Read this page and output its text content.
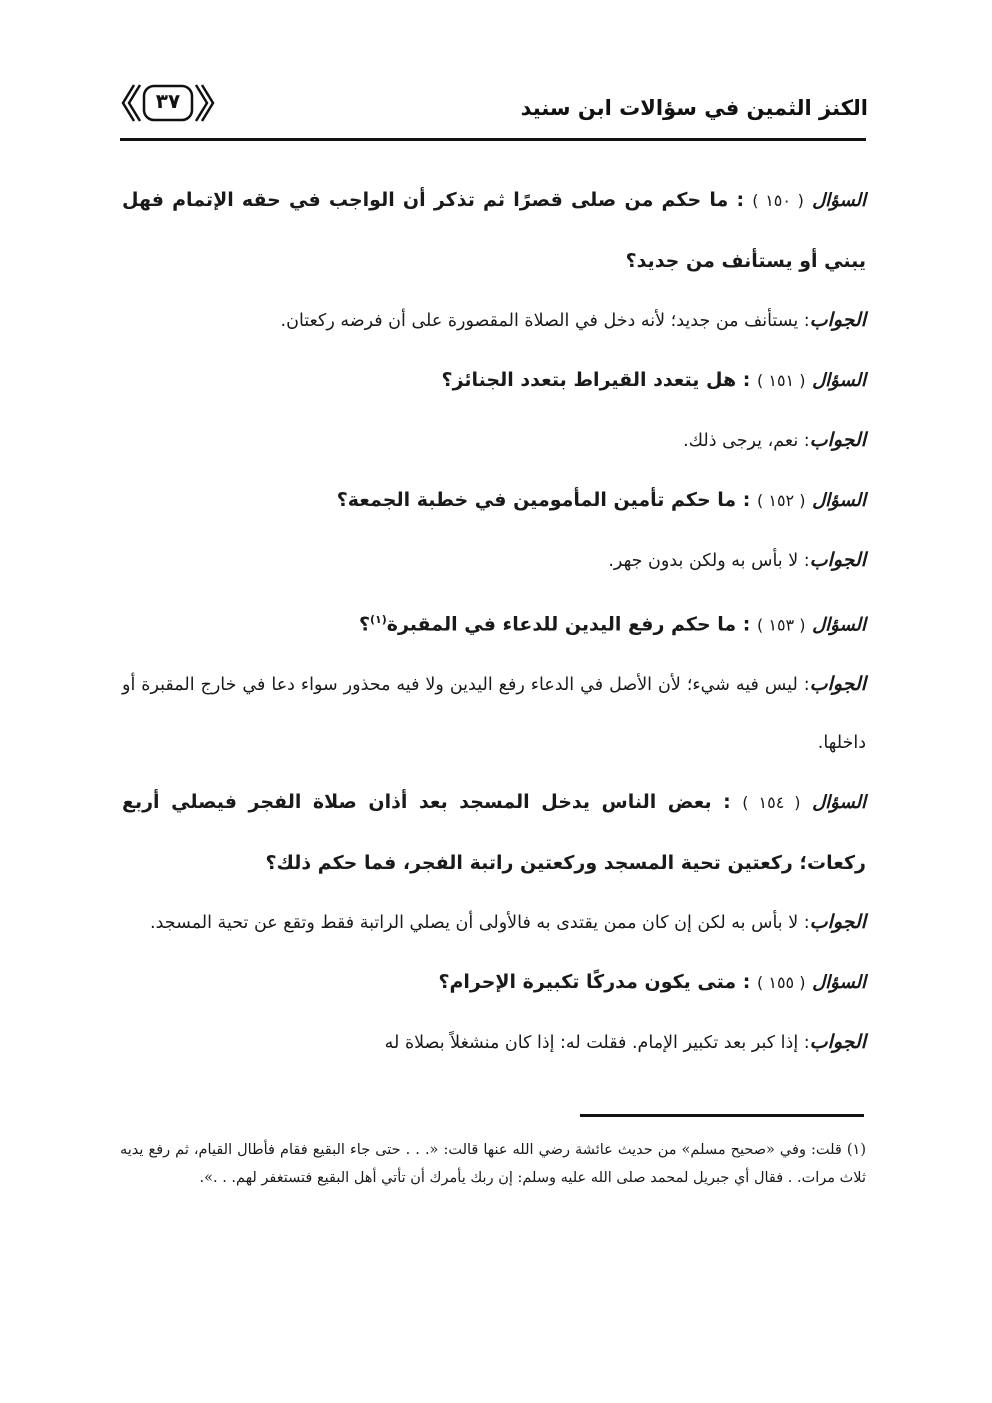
الكنز الثمين في سؤالات ابن سنيد
٣٧

السؤال ( ١٥٠ ) : ما حكم من صلى قصرًا ثم تذكر أن الواجب في حقه الإتمام فهل يبني أو يستأنف من جديد؟

الجواب: يستأنف من جديد؛ لأنه دخل في الصلاة المقصورة على أن فرضه ركعتان.

السؤال ( ١٥١ ) : هل يتعدد القيراط بتعدد الجنائز؟

الجواب: نعم، يرجى ذلك.

السؤال ( ١٥٢ ) : ما حكم تأمين المأمومين في خطبة الجمعة؟

الجواب: لا بأس به ولكن بدون جهر.

السؤال ( ١٥٣ ) : ما حكم رفع اليدين للدعاء في المقبرة$^{(١)}$؟

الجواب: ليس فيه شيء؛ لأن الأصل في الدعاء رفع اليدين ولا فيه محذور سواء دعا في خارج المقبرة أو داخلها.

السؤال ( ١٥٤ ) : بعض الناس يدخل المسجد بعد أذان صلاة الفجر فيصلي أربع ركعات؛ ركعتين تحية المسجد وركعتين راتبة الفجر، فما حكم ذلك؟

الجواب: لا بأس به لكن إن كان ممن يقتدى به فالأولى أن يصلي الراتبة فقط وتقع عن تحية المسجد.

السؤال ( ١٥٥ ) : متى يكون مدركًا تكبيرة الإحرام؟

الجواب: إذا كبر بعد تكبير الإمام. فقلت له: إذا كان منشغلاً بصلاة له

(١) قلت: وفي «صحيح مسلم» من حديث عائشة رضي الله عنها قالت: «. . . حتى جاء البقيع فقام فأطال القيام، ثم رفع يديه ثلاث مرات. . فقال أي جبريل لمحمد صلى الله عليه وسلم: إن ربك يأمرك أن تأتي أهل البقيع فتستغفر لهم. . .».
